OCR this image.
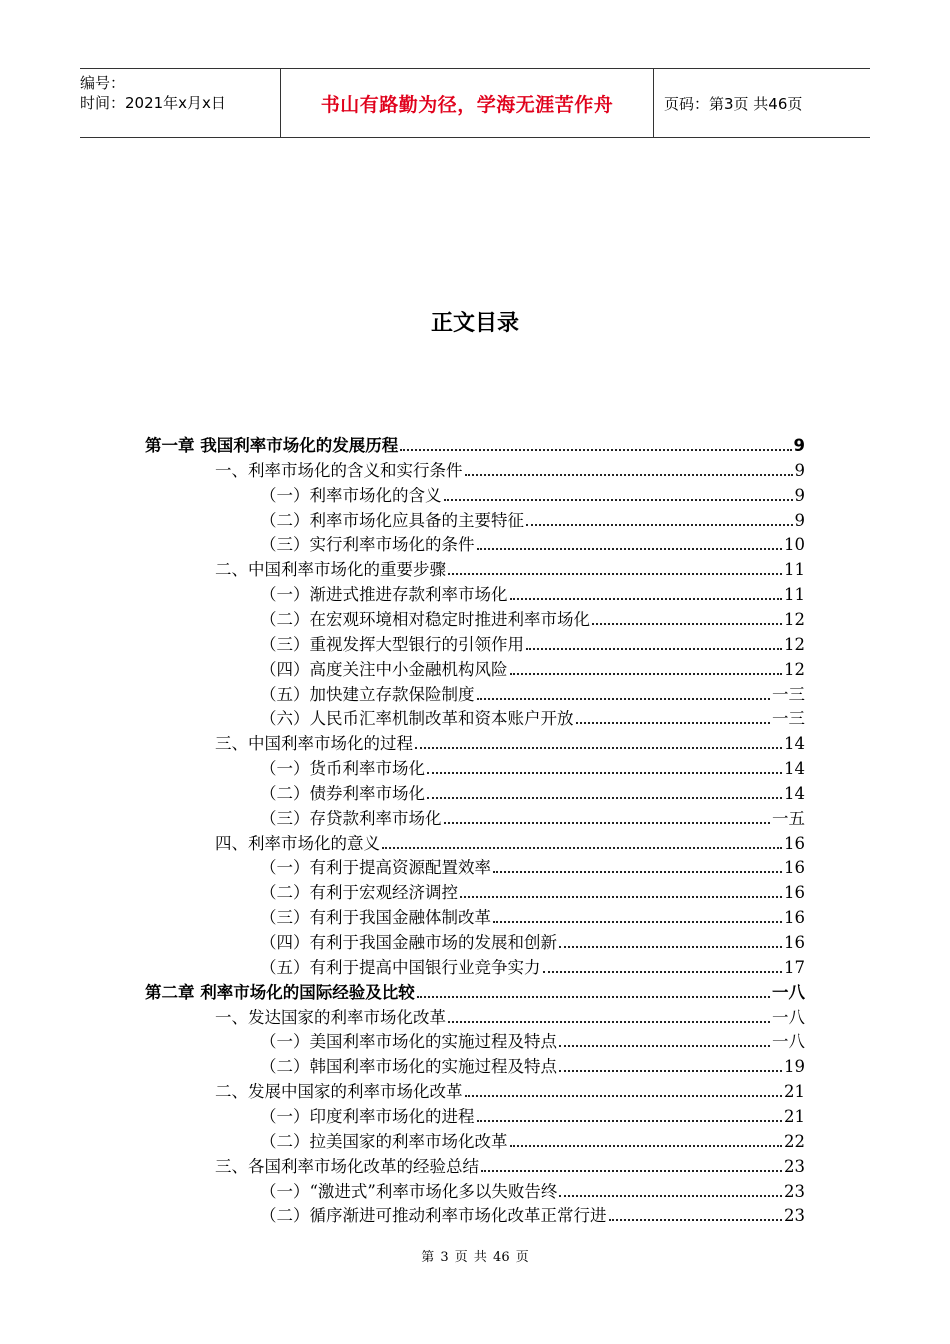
编号：
时间：2021年x月x日	书山有路勤为径，学海无涯苦作舟	页码：第3页 共46页
正文目录
第一章 我国利率市场化的发展历程	9
一、利率市场化的含义和实行条件	9
（一）利率市场化的含义	9
（二）利率市场化应具备的主要特征	9
（三）实行利率市场化的条件	10
二、中国利率市场化的重要步骤	11
（一）渐进式推进存款利率市场化	11
（二）在宏观环境相对稳定时推进利率市场化	12
（三）重视发挥大型银行的引领作用	12
（四）高度关注中小金融机构风险	12
（五）加快建立存款保险制度	一三
（六）人民币汇率机制改革和资本账户开放	一三
三、中国利率市场化的过程	14
（一）货币利率市场化	14
（二）债券利率市场化	14
（三）存贷款利率市场化	一五
四、利率市场化的意义	16
（一）有利于提高资源配置效率	16
（二）有利于宏观经济调控	16
（三）有利于我国金融体制改革	16
（四）有利于我国金融市场的发展和创新	16
（五）有利于提高中国银行业竞争实力	17
第二章 利率市场化的国际经验及比较	一八
一、发达国家的利率市场化改革	一八
（一）美国利率市场化的实施过程及特点	一八
（二）韩国利率市场化的实施过程及特点	19
二、发展中国家的利率市场化改革	21
（一）印度利率市场化的进程	21
（二）拉美国家的利率市场化改革	22
三、各国利率市场化改革的经验总结	23
（一）“激进式”利率市场化多以失败告终	23
（二）循序渐进可推动利率市场化改革正常行进	23
第 3 页 共 46 页
